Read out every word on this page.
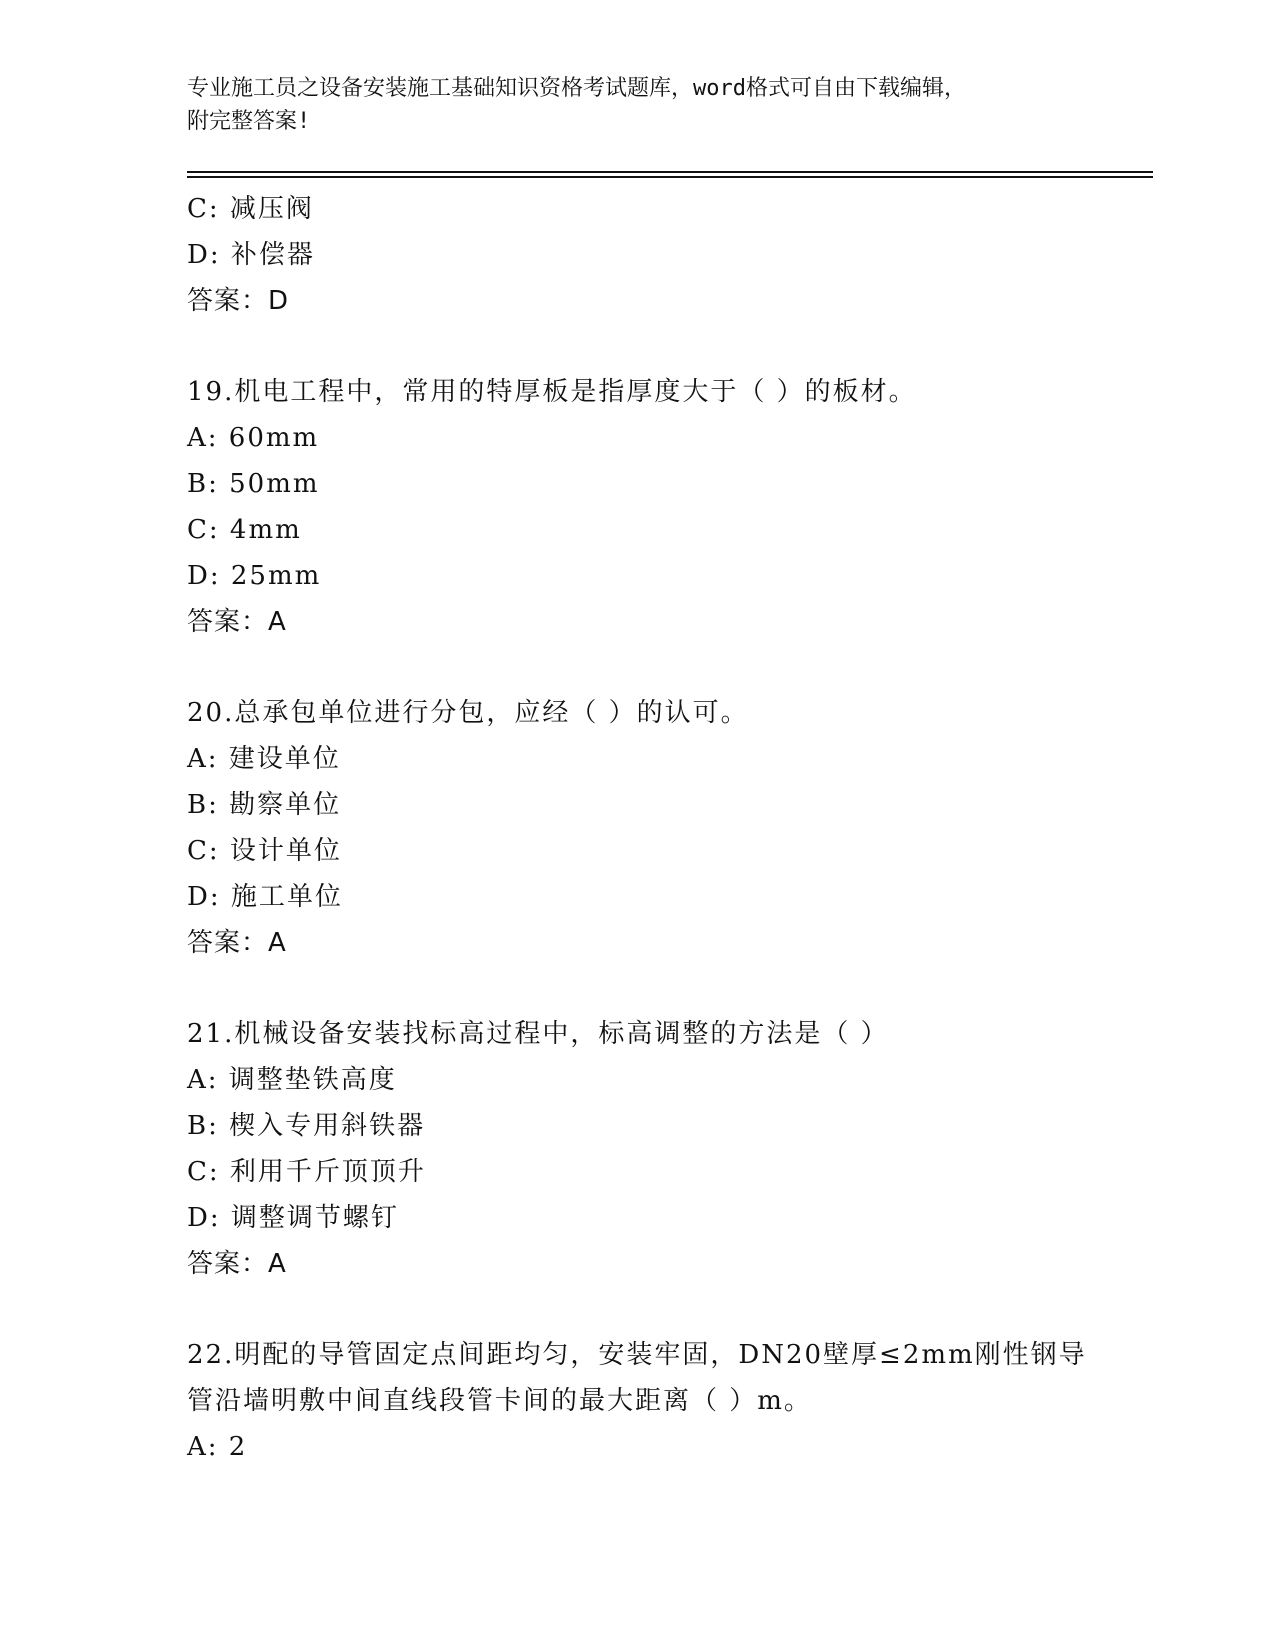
专业施工员之设备安装施工基础知识资格考试题库，word格式可自由下载编辑，
附完整答案!
C: 减压阀
D: 补偿器
答案：D
19.机电工程中，常用的特厚板是指厚度大于（ ）的板材。
A: 60mm
B: 50mm
C: 4mm
D: 25mm
答案：A
20.总承包单位进行分包，应经（ ）的认可。
A: 建设单位
B: 勘察单位
C: 设计单位
D: 施工单位
答案：A
21.机械设备安装找标高过程中，标高调整的方法是（ ）
A: 调整垫铁高度
B: 楔入专用斜铁器
C: 利用千斤顶顶升
D: 调整调节螺钉
答案：A
22.明配的导管固定点间距均匀，安装牢固，DN20壁厚≤2mm刚性钢导
管沿墙明敷中间直线段管卡间的最大距离（ ）m。
A: 2
